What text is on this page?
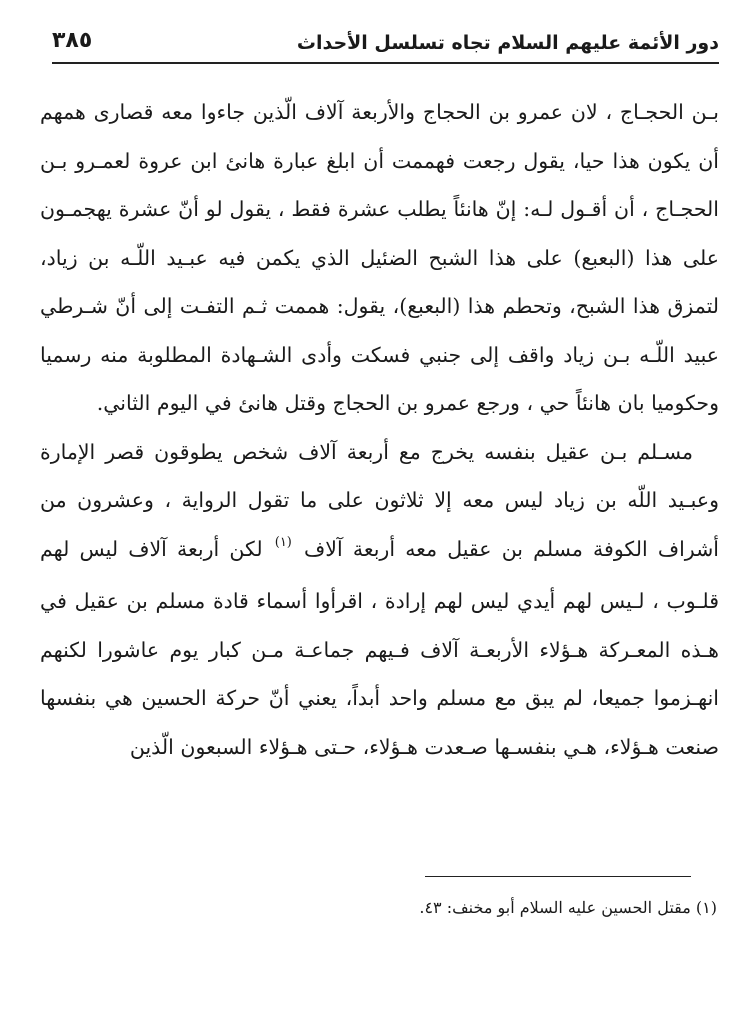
دور الأئمة عليهم السلام تجاه تسلسل الأحداث
٣٨٥

بـن الحجـاج ، لان عمرو بن الحجاج والأربعة آلاف الّذين جاءوا معه قصارى همهم أن يكون هذا حيا، يقول رجعت فهممت أن ابلغ عبارة هانئ ابن عروة لعمـرو بـن الحجـاج ، أن أقـول لـه: إنّ هانئاً يطلب عشرة فقط ، يقول لو أنّ عشرة يهجمـون على هذا (البعبع) على هذا الشبح الضئيل الذي يكمن فيه عبـيد اللّـه بن زياد، لتمزق هذا الشبح، وتحطم هذا (البعبع)، يقول: هممت ثـم التفـت إلى أنّ شـرطي عبيد اللّـه بـن زياد واقف إلى جنبي فسكت وأدى الشـهادة المطلوبة منه رسميا وحكوميا بان هانئاً حي ، ورجع عمرو بن الحجاج وقتل هانئ في اليوم الثاني.

مسـلم بـن عقيل بنفسه يخرج مع أربعة آلاف شخص يطوقون قصر الإمارة وعبـيد اللّه بن زياد ليس معه إلا ثلاثون على ما تقول الرواية ، وعشرون من أشراف الكوفة مسلم بن عقيل معه أربعة آلاف $^{(١)}$ لكن أربعة آلاف ليس لهم قلـوب ، لـيس لهم أيدي ليس لهم إرادة ، اقرأوا أسماء قادة مسلم بن عقيل في هـذه المعـركة هـؤلاء الأربعـة آلاف فـيهم جماعـة مـن كبار يوم عاشورا لكنهم انهـزموا جميعا، لم يبق مع مسلم واحد أبداً، يعني أنّ حركة الحسين هي بنفسها صنعت هـؤلاء، هـي بنفسـها صـعدت هـؤلاء، حـتى هـؤلاء السبعون الّذين

(١) مقتل الحسين عليه السلام أبو مخنف: ٤٣.
